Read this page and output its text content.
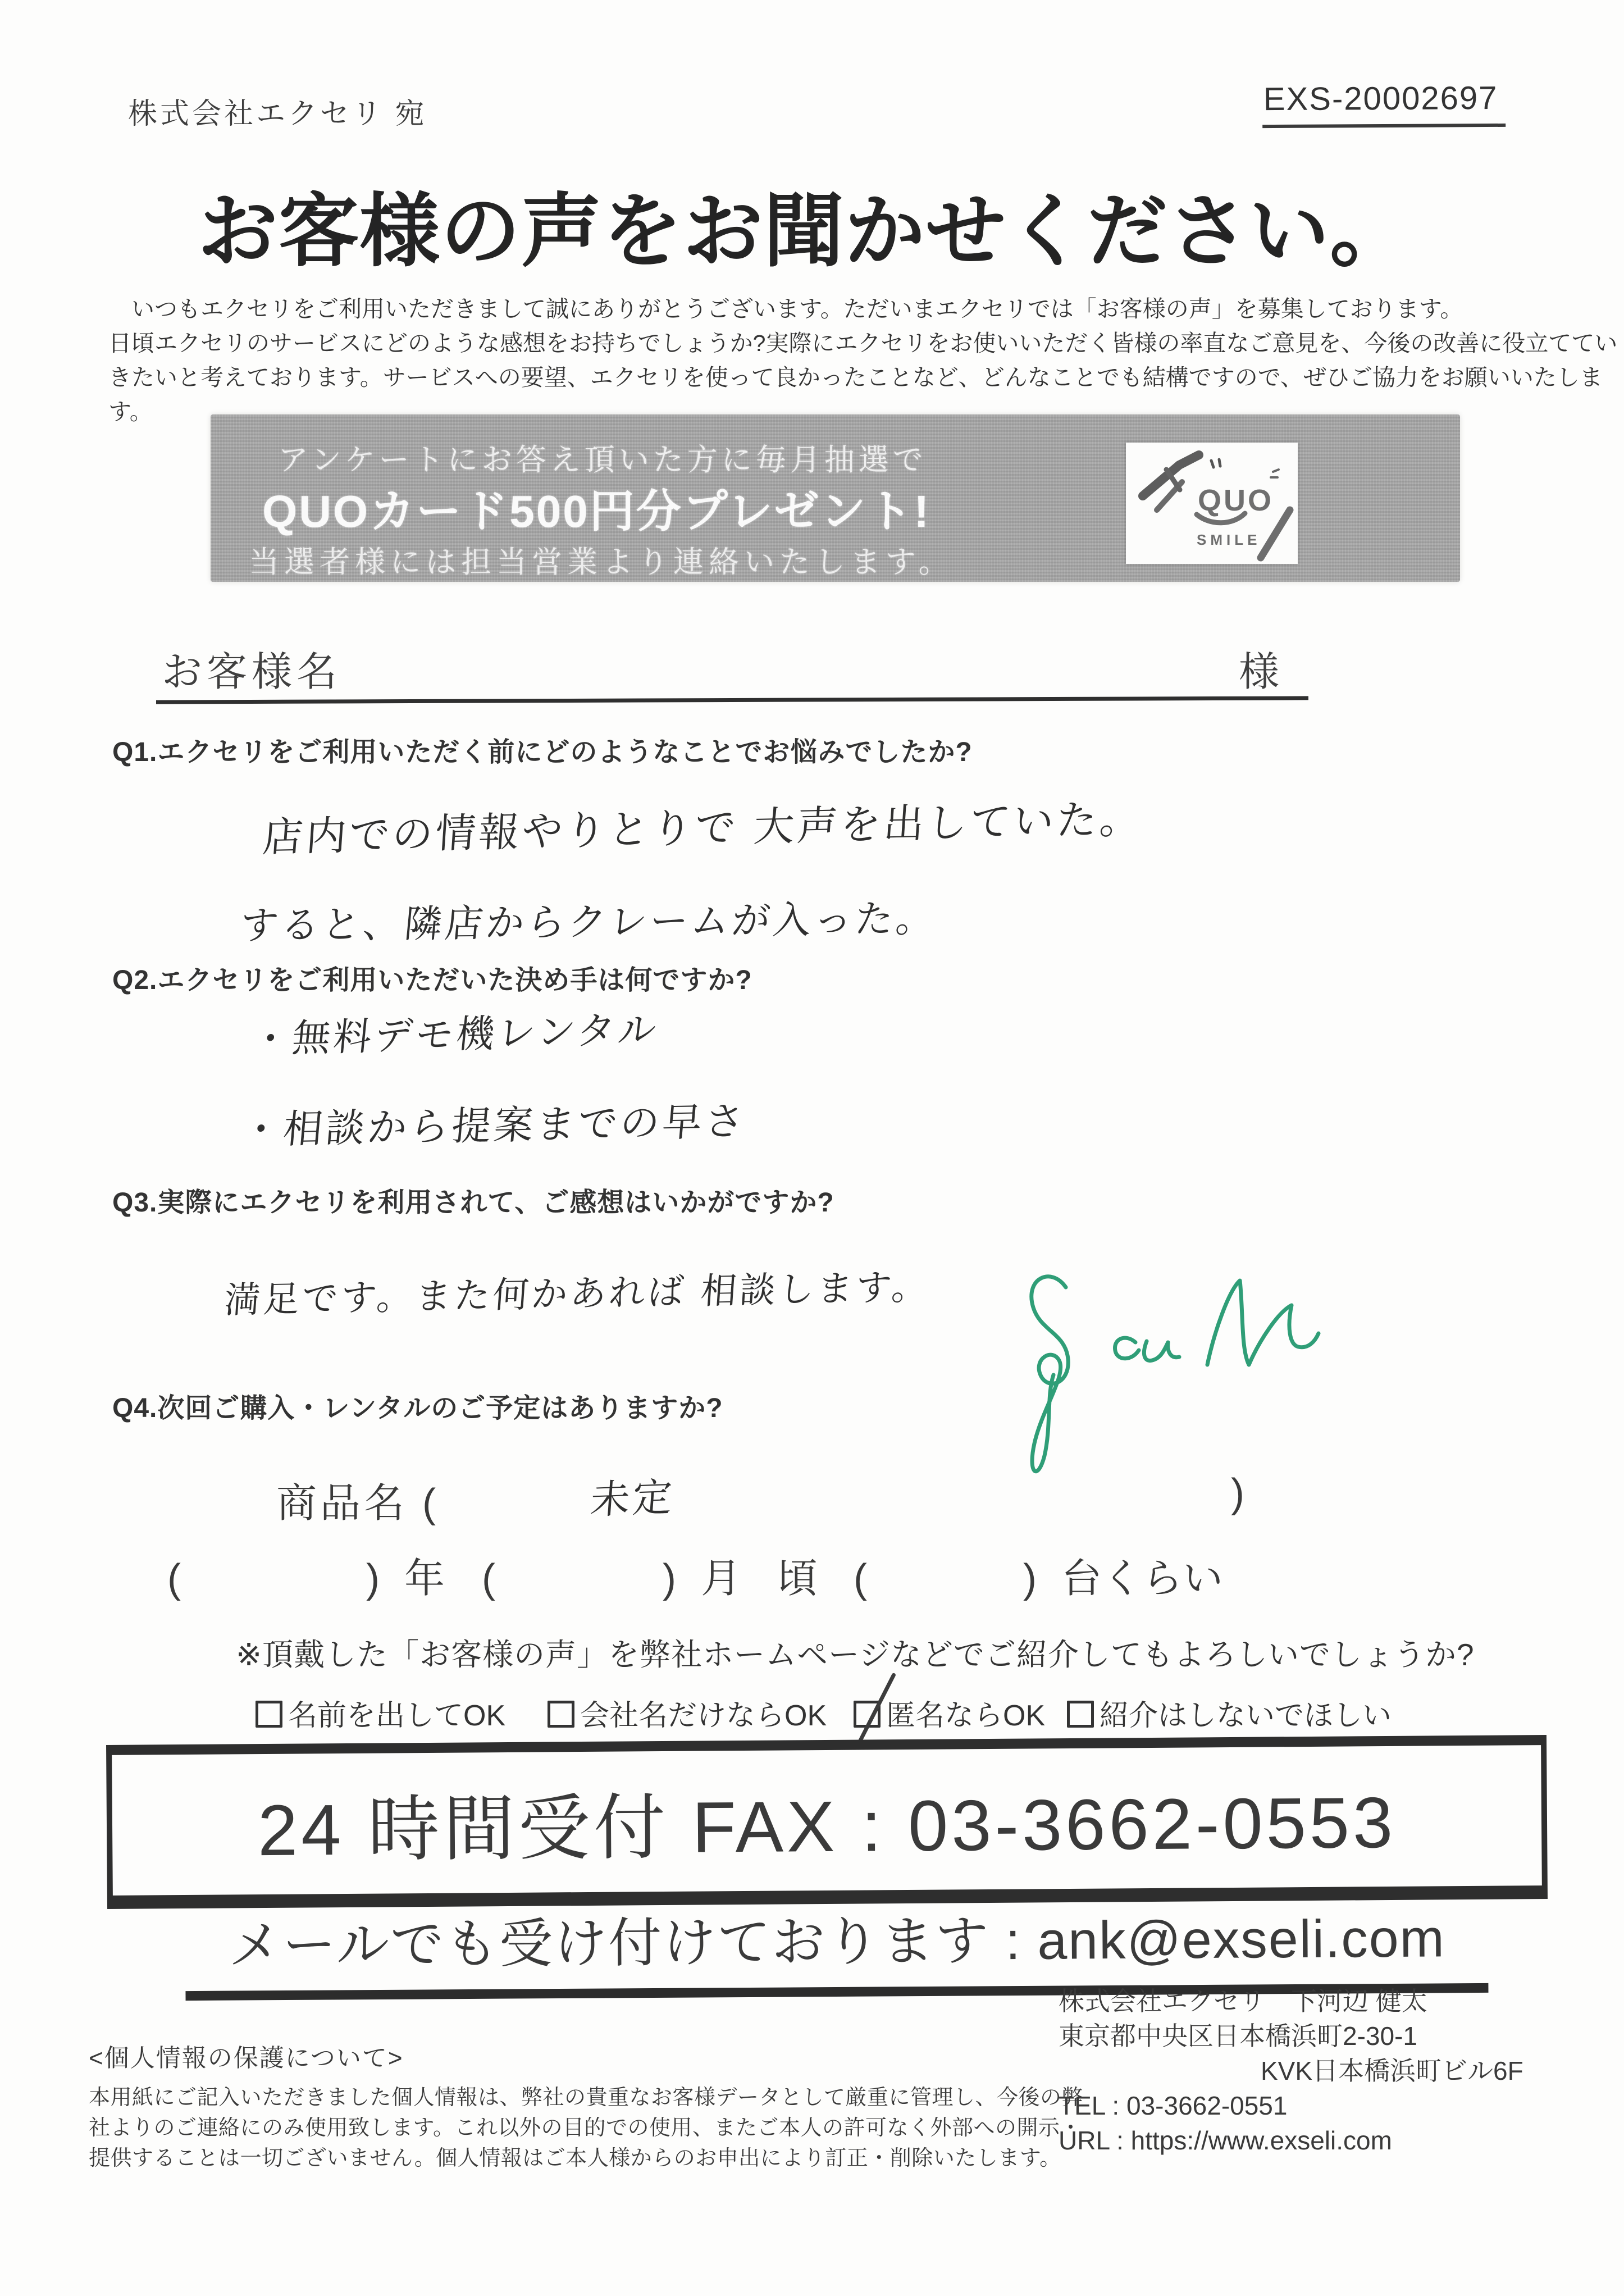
株式会社エクセリ 宛	EXS-20002697
お客様の声をお聞かせください。
　いつもエクセリをご利用いただきまして誠にありがとうございます。ただいまエクセリでは「お客様の声」を募集しております。
日頃エクセリのサービスにどのような感想をお持ちでしょうか?実際にエクセリをお使いいただく皆様の率直なご意見を、今後の改善に役立ててい
きたいと考えております。サービスへの要望、エクセリを使って良かったことなど、どんなことでも結構ですので、ぜひご協力をお願いいたします。
アンケートにお答え頂いた方に毎月抽選で
QUOカード500円分プレゼント!
当選者様には担当営業より連絡いたします。
QUO
SMILE
お客様名	様
Q1.エクセリをご利用いただく前にどのようなことでお悩みでしたか?
店内での情報やりとりで 大声を出していた。
すると、隣店からクレームが入った。
Q2.エクセリをご利用いただいた決め手は何ですか?
・無料デモ機レンタル
・相談から提案までの早さ
Q3.実際にエクセリを利用されて、ご感想はいかがですか?
満足です。また何かあれば 相談します。
Q4.次回ご購入・レンタルのご予定はありますか?
商品名 (	)
未定
(	) 年 (	) 月 頃 (	) 台くらい
※頂戴した「お客様の声」を弊社ホームページなどでご紹介してもよろしいでしょうか?
名前を出してOK	会社名だけならOK	匿名ならOK	紹介はしないでほしい
24 時間受付 FAX : 03-3662-0553
メールでも受け付けております : ank@exseli.com
株式会社エクセリ　下河辺 健太
東京都中央区日本橋浜町2-30-1
KVK日本橋浜町ビル6F
TEL : 03-3662-0551
URL : https://www.exseli.com
<個人情報の保護について>
本用紙にご記入いただきました個人情報は、弊社の貴重なお客様データとして厳重に管理し、今後の弊
社よりのご連絡にのみ使用致します。これ以外の目的での使用、またご本人の許可なく外部への開示・
提供することは一切ございません。個人情報はご本人様からのお申出により訂正・削除いたします。
